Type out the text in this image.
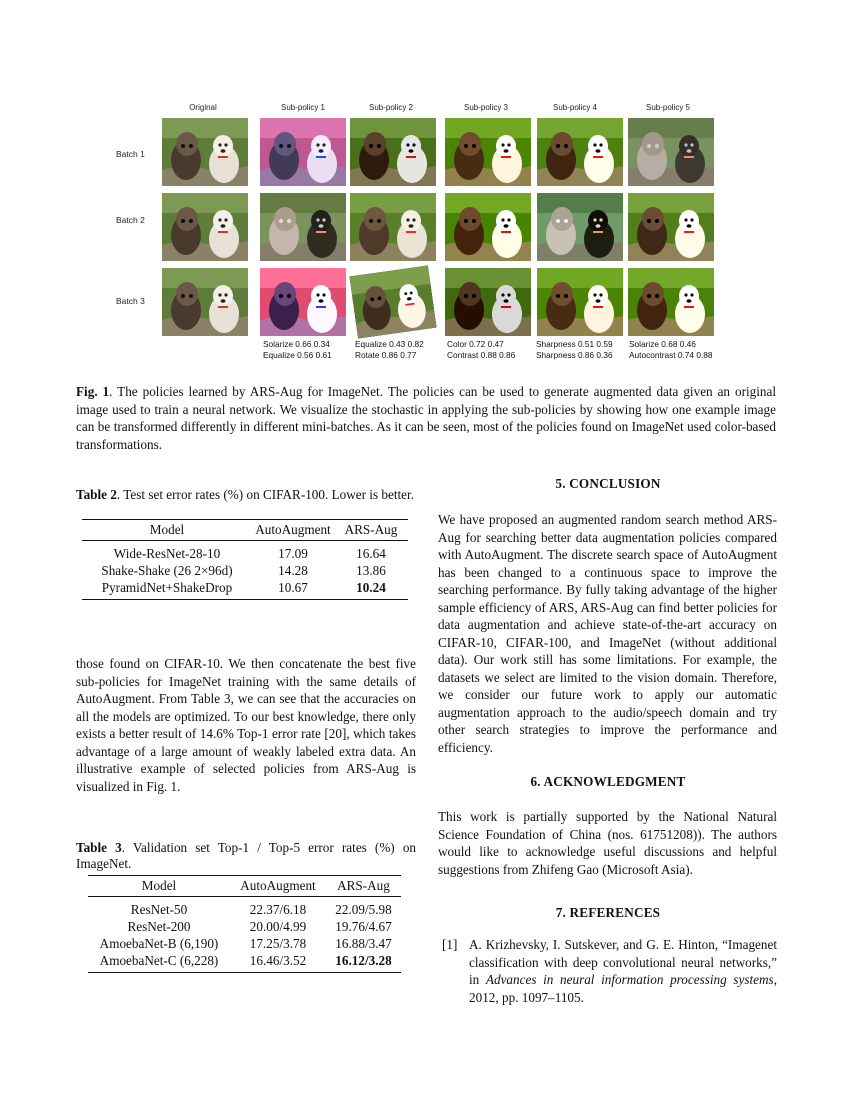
Original	Sub-policy 1	Sub-policy 2	Sub-policy 3	Sub-policy 4	Sub-policy 5
Batch 1
Batch 2
Batch 3
Solarize 0.66 0.34
Equalize 0.56 0.61
Equalize 0.43 0.82
Rotate 0.86 0.77
Color 0.72 0.47
Contrast 0.88 0.86
Sharpness 0.51 0.59
Sharpness 0.86 0.36
Solarize 0.68 0.46
Autocontrast 0.74 0.88
Fig. 1. The policies learned by ARS-Aug for ImageNet. The policies can be used to generate augmented data given an original image used to train a neural network. We visualize the stochastic in applying the sub-policies by showing how one example image can be transformed differently in different mini-batches. As it can be seen, most of the policies found on ImageNet used color-based transformations.
Table 2. Test set error rates (%) on CIFAR-100. Lower is better.
Model	AutoAugment	ARS-Aug
Wide-ResNet-28-10	17.09	16.64
Shake-Shake (26 2×96d)	14.28	13.86
PyramidNet+ShakeDrop	10.67	10.24
those found on CIFAR-10. We then concatenate the best five sub-policies for ImageNet training with the same details of AutoAugment. From Table 3, we can see that the accuracies on all the models are optimized. To our best knowledge, there only exists a better result of 14.6% Top-1 error rate [20], which takes advantage of a large amount of weakly labeled extra data. An illustrative example of selected policies from ARS-Aug is visualized in Fig. 1.
Table 3. Validation set Top-1 / Top-5 error rates (%) on ImageNet.
Model	AutoAugment	ARS-Aug
ResNet-50	22.37/6.18	22.09/5.98
ResNet-200	20.00/4.99	19.76/4.67
AmoebaNet-B (6,190)	17.25/3.78	16.88/3.47
AmoebaNet-C (6,228)	16.46/3.52	16.12/3.28
5. CONCLUSION
We have proposed an augmented random search method ARS-Aug for searching better data augmentation policies compared with AutoAugment. The discrete search space of AutoAugment has been changed to a continuous space to improve the searching performance. By fully taking advantage of the higher sample efficiency of ARS, ARS-Aug can find better policies for data augmentation and achieve state-of-the-art accuracy on CIFAR-10, CIFAR-100, and ImageNet (without additional data). Our work still has some limitations. For example, the datasets we select are limited to the vision domain. Therefore, we consider our future work to apply our automatic augmentation approach to the audio/speech domain and try other search strategies to improve the performance and efficiency.
6. ACKNOWLEDGMENT
This work is partially supported by the National Natural Science Foundation of China (nos. 61751208)). The authors would like to acknowledge useful discussions and helpful suggestions from Zhifeng Gao (Microsoft Asia).
7. REFERENCES
[1] A. Krizhevsky, I. Sutskever, and G. E. Hinton, “Imagenet classification with deep convolutional neural networks,” in Advances in neural information processing systems, 2012, pp. 1097–1105.
